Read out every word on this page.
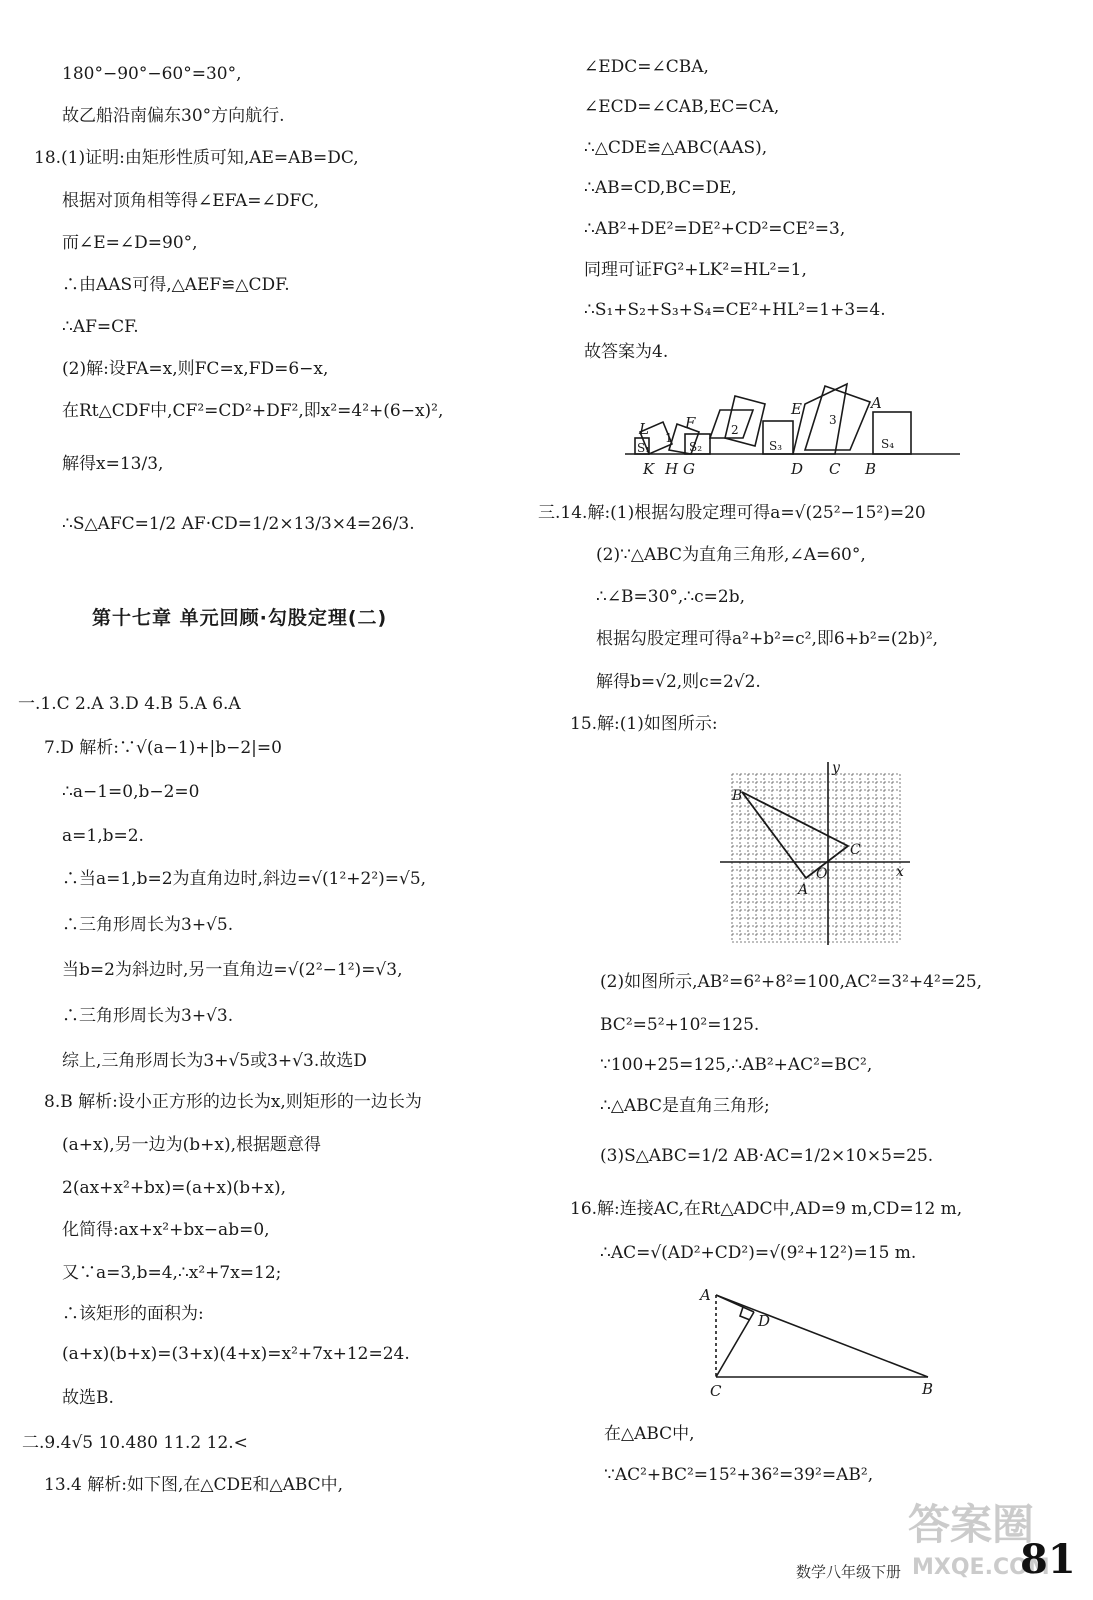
180°−90°−60°=30°,
故乙船沿南偏东30°方向航行.
18.(1)证明:由矩形性质可知,AE=AB=DC,
根据对顶角相等得∠EFA=∠DFC,
而∠E=∠D=90°,
∴由AAS可得,△AEF≌△CDF.
∴AF=CF.
(2)解:设FA=x,则FC=x,FD=6−x,
在Rt△CDF中,CF²=CD²+DF²,即x²=4²+(6−x)²,
解得x=13/3,
∴S△AFC=1/2 AF·CD=1/2×13/3×4=26/3.
第十七章 单元回顾·勾股定理(二)
一.1.C 2.A 3.D 4.B 5.A 6.A
7.D 解析:∵√(a−1)+|b−2|=0
∴a−1=0,b−2=0
a=1,b=2.
∴当a=1,b=2为直角边时,斜边=√(1²+2²)=√5,
∴三角形周长为3+√5.
当b=2为斜边时,另一直角边=√(2²−1²)=√3,
∴三角形周长为3+√3.
综上,三角形周长为3+√5或3+√3.故选D
8.B 解析:设小正方形的边长为x,则矩形的一边长为
(a+x),另一边为(b+x),根据题意得
2(ax+x²+bx)=(a+x)(b+x),
化简得:ax+x²+bx−ab=0,
又∵a=3,b=4,∴x²+7x=12;
∴该矩形的面积为:
(a+x)(b+x)=(3+x)(4+x)=x²+7x+12=24.
故选B.
二.9.4√5 10.480 11.2 12.<
13.4 解析:如下图,在△CDE和△ABC中,
∠EDC=∠CBA,
∠ECD=∠CAB,EC=CA,
∴△CDE≌△ABC(AAS),
∴AB=CD,BC=DE,
∴AB²+DE²=DE²+CD²=CE²=3,
同理可证FG²+LK²=HL²=1,
∴S₁+S₂+S₃+S₄=CE²+HL²=1+3=4.
故答案为4.
L F
E	A
S₁
1
S₂
2
S₃
3
S₄
K H G	D C B
三.14.解:(1)根据勾股定理可得a=√(25²−15²)=20
(2)∵△ABC为直角三角形,∠A=60°,
∴∠B=30°,∴c=2b,
根据勾股定理可得a²+b²=c²,即6+b²=(2b)²,
解得b=√2,则c=2√2.
15.解:(1)如图所示:
y
x
B
A
C
O
(2)如图所示,AB²=6²+8²=100,AC²=3²+4²=25,
BC²=5²+10²=125.
∵100+25=125,∴AB²+AC²=BC²,
∴△ABC是直角三角形;
(3)S△ABC=1/2 AB·AC=1/2×10×5=25.
16.解:连接AC,在Rt△ADC中,AD=9 m,CD=12 m,
∴AC=√(AD²+CD²)=√(9²+12²)=15 m.
A
D
C	B
在△ABC中,
∵AC²+BC²=15²+36²=39²=AB²,
答案圈
MXQE.COM
数学八年级下册	81
